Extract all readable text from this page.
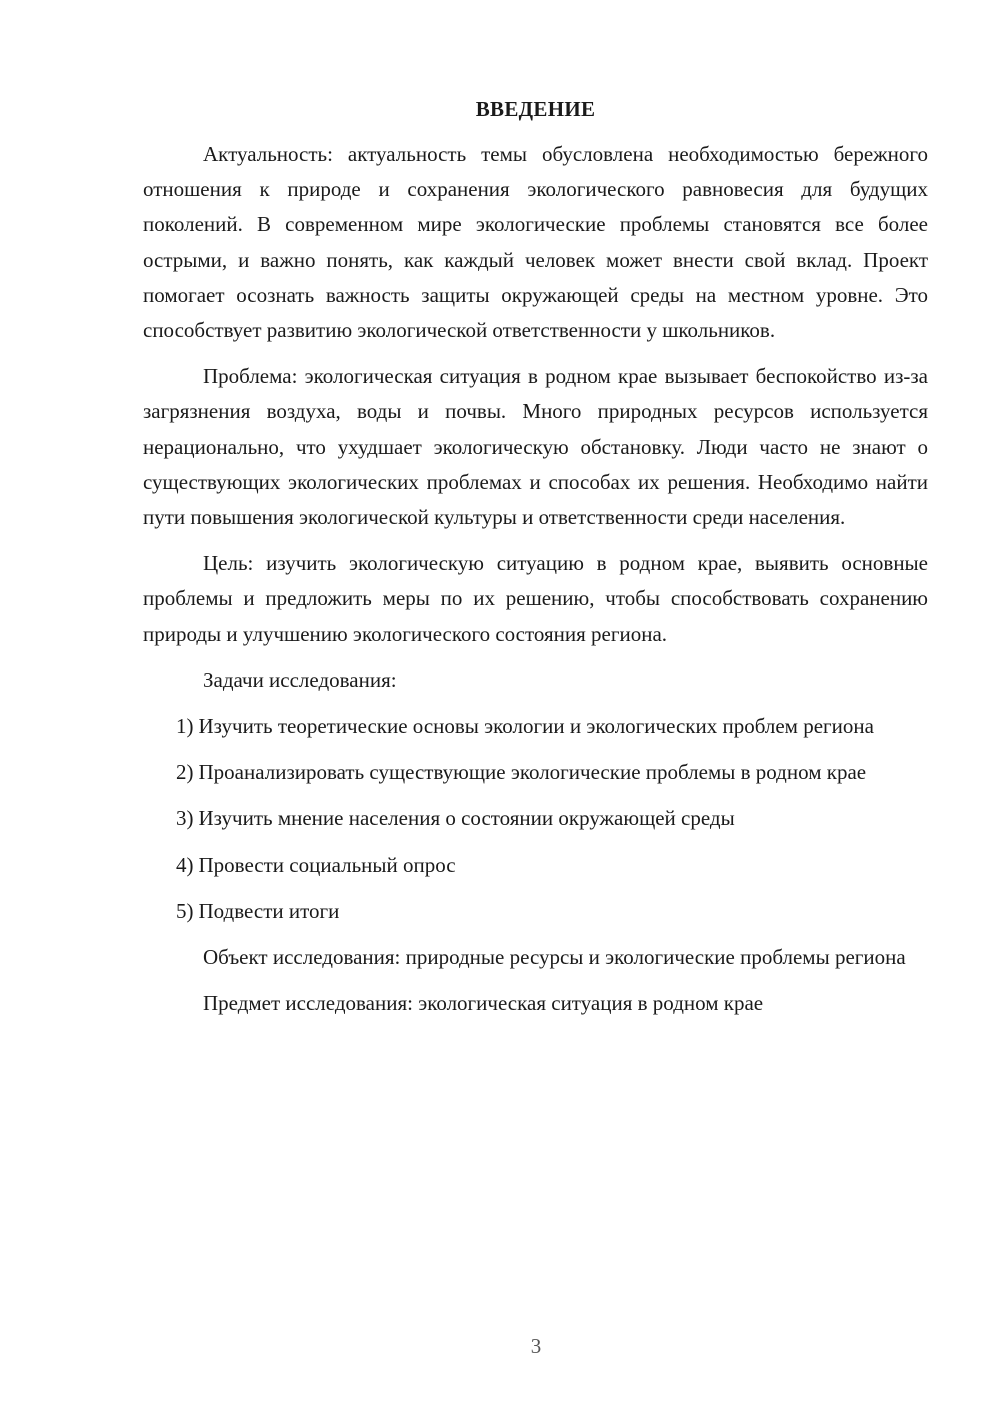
ВВЕДЕНИЕ

Актуальность: актуальность темы обусловлена необходимостью бережного отношения к природе и сохранения экологического равновесия для будущих поколений. В современном мире экологические проблемы становятся все более острыми, и важно понять, как каждый человек может внести свой вклад. Проект помогает осознать важность защиты окружающей среды на местном уровне. Это способствует развитию экологической ответственности у школьников.

Проблема: экологическая ситуация в родном крае вызывает беспокойство из-за загрязнения воздуха, воды и почвы. Много природных ресурсов используется нерационально, что ухудшает экологическую обстановку. Люди часто не знают о существующих экологических проблемах и способах их решения. Необходимо найти пути повышения экологической культуры и ответственности среди населения.

Цель: изучить экологическую ситуацию в родном крае, выявить основные проблемы и предложить меры по их решению, чтобы способствовать сохранению природы и улучшению экологического состояния региона.

Задачи исследования:

1) Изучить теоретические основы экологии и экологических проблем региона

2) Проанализировать существующие экологические проблемы в родном крае

3) Изучить мнение населения о состоянии окружающей среды

4) Провести социальный опрос

5) Подвести итоги

Объект исследования: природные ресурсы и экологические проблемы региона

Предмет исследования: экологическая ситуация в родном крае

3
